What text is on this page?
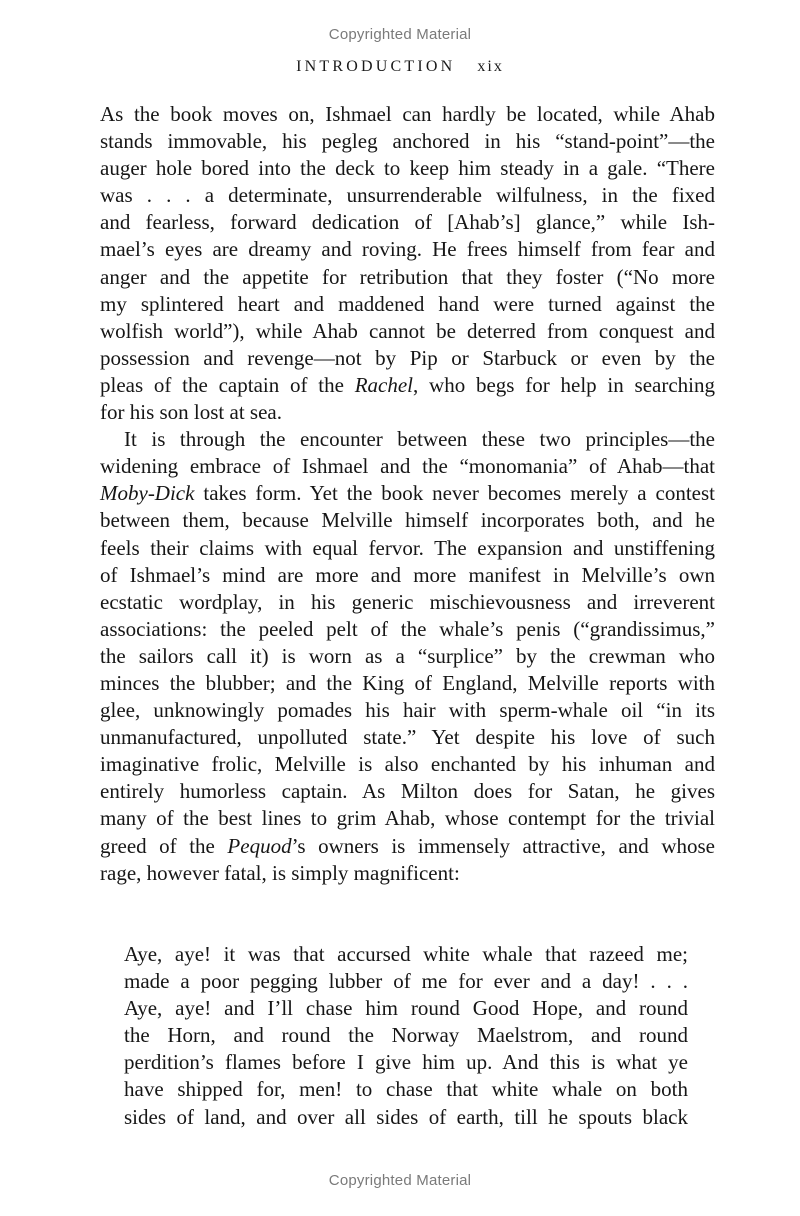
Copyrighted Material
INTRODUCTION xix
As the book moves on, Ishmael can hardly be located, while Ahab
stands immovable, his pegleg anchored in his “stand-point”—the
auger hole bored into the deck to keep him steady in a gale. “There
was . . . a determinate, unsurrenderable wilfulness, in the fixed
and fearless, forward dedication of [Ahab’s] glance,” while Ish-
mael’s eyes are dreamy and roving. He frees himself from fear and
anger and the appetite for retribution that they foster (“No more
my splintered heart and maddened hand were turned against the
wolfish world”), while Ahab cannot be deterred from conquest and
possession and revenge—not by Pip or Starbuck or even by the
pleas of the captain of the Rachel, who begs for help in searching
for his son lost at sea.
It is through the encounter between these two principles—the
widening embrace of Ishmael and the “monomania” of Ahab—that
Moby-Dick takes form. Yet the book never becomes merely a contest
between them, because Melville himself incorporates both, and he
feels their claims with equal fervor. The expansion and unstiffening
of Ishmael’s mind are more and more manifest in Melville’s own
ecstatic wordplay, in his generic mischievousness and irreverent
associations: the peeled pelt of the whale’s penis (“grandissimus,”
the sailors call it) is worn as a “surplice” by the crewman who
minces the blubber; and the King of England, Melville reports with
glee, unknowingly pomades his hair with sperm-whale oil “in its
unmanufactured, unpolluted state.” Yet despite his love of such
imaginative frolic, Melville is also enchanted by his inhuman and
entirely humorless captain. As Milton does for Satan, he gives
many of the best lines to grim Ahab, whose contempt for the trivial
greed of the Pequod’s owners is immensely attractive, and whose
rage, however fatal, is simply magnificent:
Aye, aye! it was that accursed white whale that razeed me;
made a poor pegging lubber of me for ever and a day! . . .
Aye, aye! and I’ll chase him round Good Hope, and round
the Horn, and round the Norway Maelstrom, and round
perdition’s flames before I give him up. And this is what ye
have shipped for, men! to chase that white whale on both
sides of land, and over all sides of earth, till he spouts black
Copyrighted Material
